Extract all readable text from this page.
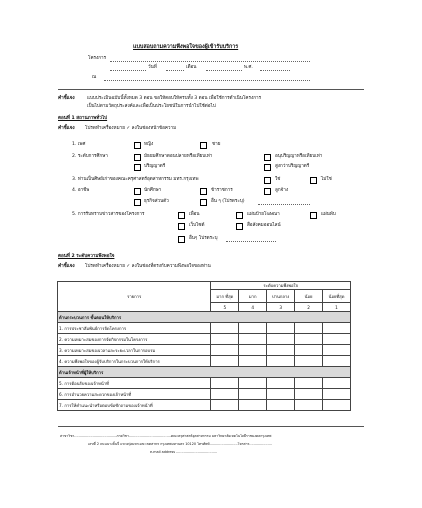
แบบสอบถามความพึงพอใจของผู้เข้ารับบริการ
โครงการ
วันที่	เดือน	พ.ศ.
ณ
คำชี้แจง	แบบประเมินฉบับนี้ทั้งหมด 3 ตอน ขอให้ตอบให้ครบทั้ง 3 ตอน เพื่อใช้การดำเนินโครงการ
เป็นไปตามวัตถุประสงค์และเพื่อเป็นประโยชน์ในการนำไปใช้ต่อไป
ตอนที่ 1 สถานภาพทั่วไป
คำชี้แจง โปรดทำเครื่องหมาย ✓ ลงในช่องหน้าข้อความ
1. เพศ	หญิง	ชาย
2. ระดับการศึกษา	มัธยมศึกษาตอนปลายหรือเทียบเท่า	อนุปริญญาหรือเทียบเท่า
ปริญญาตรี	สูงกว่าปริญญาตรี
3. ท่านเป็นศิษย์เก่าของคณะครุศาสตร์อุตสาหกรรม มทร.กรุงเทพ	ใช่	ไม่ใช่
4. อาชีพ	นักศึกษา	ข้าราชการ	ลูกจ้าง
ธุรกิจส่วนตัว	อื่น ๆ (โปรดระบุ)
5. การรับทราบข่าวสารของโครงการ	เพื่อน	แผ่นป้ายโฆษณา	แผ่นพับ
เว็บไซต์	สื่อสังคมออนไลน์
อื่นๆ โปรดระบุ
ตอนที่ 2 ระดับความพึงพอใจ
คำชี้แจง โปรดทำเครื่องหมาย ✓ ลงในช่องที่ตรงกับความพึงพอใจของท่าน
รายการ	ระดับความพึงพอใจ				
	มาก ที่สุด	มาก	ปานกลาง	น้อย	น้อยที่สุด
	5	4	3	2	1
ด้านกระบวนการ ขั้นตอนให้บริการ					
1. การประชาสัมพันธ์การจัดโครงการ					
2. ความเหมาะสมของการจัดกิจกรรมในโครงการ					
3. ความเหมาะสมของเวลาและระยะเวลาในการอบรม					
4. ความพึงพอใจของผู้รับบริการในกระบวนการให้บริการ					
ด้านเจ้าหน้าที่ผู้ให้บริการ					
5. การต้อนรับของเจ้าหน้าที่					
6. การอำนวยความสะดวกของเจ้าหน้าที่					
7. การให้คำแนะนำหรือตอบข้อซักถามของเจ้าหน้าที่					
สาขาวิชา.......................................ภาควิชา.......................................คณะครุศาสตร์อุตสาหกรรม มหาวิทยาลัยเทคโนโลยีราชมงคลกรุงเทพ
เลขที่ 2 ถนนนางลิ้นจี่ แขวงทุ่งมหาเมฆ เขตสาทร กรุงเทพมหานคร 10120 โทรศัพท์..........................โทรสาร.....................
e-mail address ......................................
